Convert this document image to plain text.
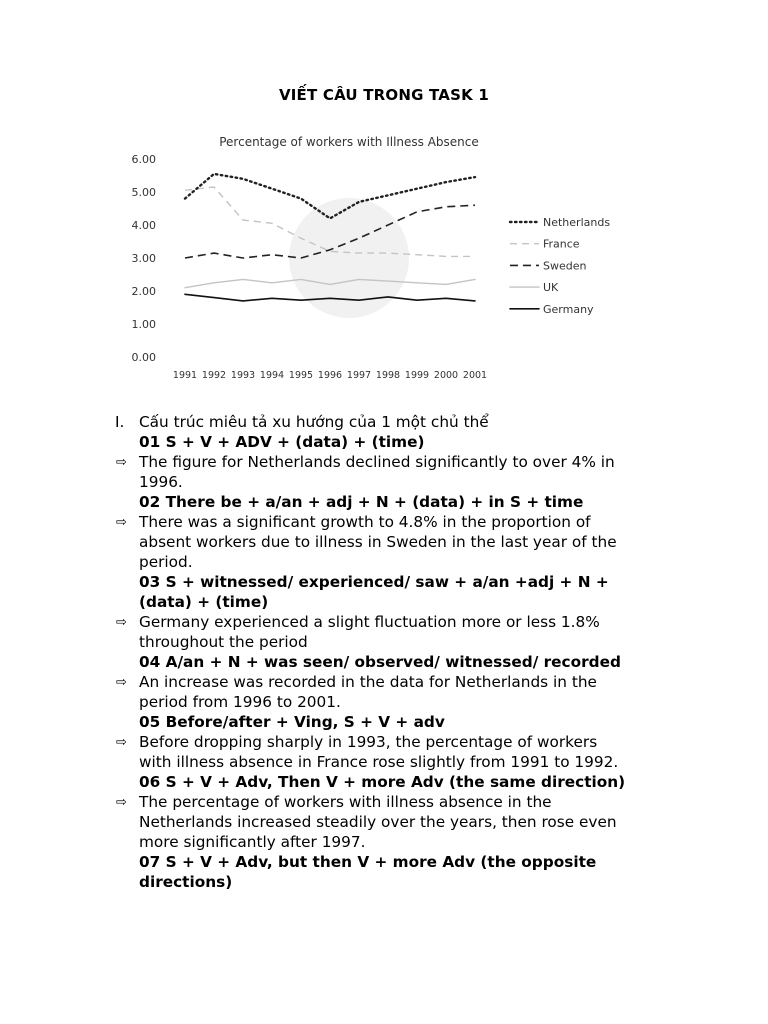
VIẾT CÂU TRONG TASK 1
Percentage of workers with Illness Absence
0.00
1.00
2.00
3.00
4.00
5.00
6.00
1991 1992 1993 1994 1995 1996 1997 1998 1999 2000 2001
Netherlands
France
Sweden
UK
Germany
I. Cấu trúc miêu tả xu hướng của 1 một chủ thể
01 S + V + ADV + (data) + (time)
⇨ The figure for Netherlands declined significantly to over 4% in
1996.
02 There be + a/an + adj + N + (data) + in S + time
⇨ There was a significant growth to 4.8% in the proportion of
absent workers due to illness in Sweden in the last year of the
period.
03 S + witnessed/ experienced/ saw + a/an +adj + N +
(data) + (time)
⇨ Germany experienced a slight fluctuation more or less 1.8%
throughout the period
04 A/an + N + was seen/ observed/ witnessed/ recorded
⇨ An increase was recorded in the data for Netherlands in the
period from 1996 to 2001.
05 Before/after + Ving, S + V + adv
⇨ Before dropping sharply in 1993, the percentage of workers
with illness absence in France rose slightly from 1991 to 1992.
06 S + V + Adv, Then V + more Adv (the same direction)
⇨ The percentage of workers with illness absence in the
Netherlands increased steadily over the years, then rose even
more significantly after 1997.
07 S + V + Adv, but then V + more Adv (the opposite
directions)
